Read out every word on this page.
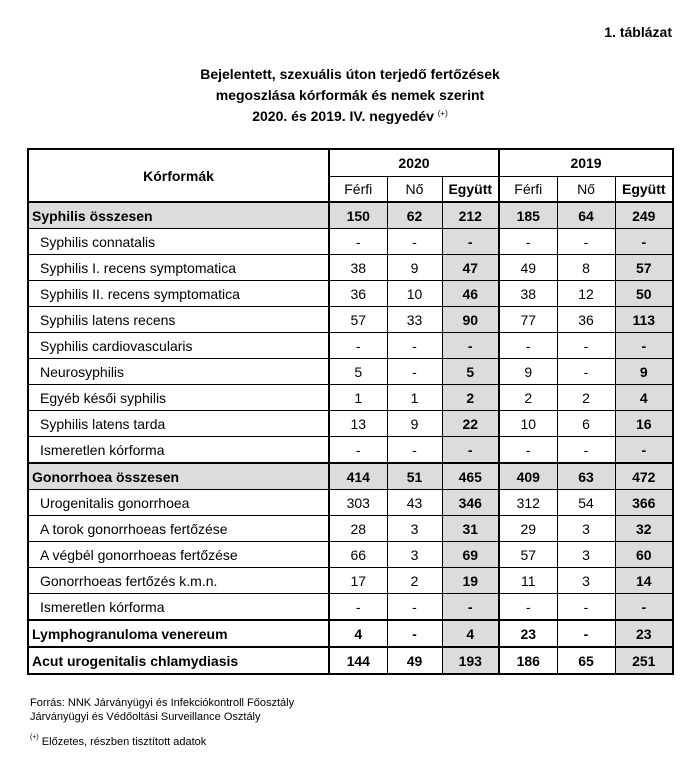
1. táblázat
Bejelentett, szexuális úton terjedő fertőzések
megoszlása kórformák és nemek szerint
2020. és 2019. IV. negyedév (+)
Kórformák	2020			2019		
	Férfi	Nő	Együtt	Férfi	Nő	Együtt
Syphilis összesen	150	62	212	185	64	249
Syphilis connatalis	-	-	-	-	-	-
Syphilis I. recens symptomatica	38	9	47	49	8	57
Syphilis II. recens symptomatica	36	10	46	38	12	50
Syphilis latens recens	57	33	90	77	36	113
Syphilis cardiovascularis	-	-	-	-	-	-
Neurosyphilis	5	-	5	9	-	9
Egyéb késői syphilis	1	1	2	2	2	4
Syphilis latens tarda	13	9	22	10	6	16
Ismeretlen kórforma	-	-	-	-	-	-
Gonorrhoea összesen	414	51	465	409	63	472
Urogenitalis gonorrhoea	303	43	346	312	54	366
A torok gonorrhoeas fertőzése	28	3	31	29	3	32
A végbél gonorrhoeas fertőzése	66	3	69	57	3	60
Gonorrhoeas fertőzés k.m.n.	17	2	19	11	3	14
Ismeretlen kórforma	-	-	-	-	-	-
Lymphogranuloma venereum	4	-	4	23	-	23
Acut urogenitalis chlamydiasis	144	49	193	186	65	251
Forrás: NNK Járványügyi és Infekciókontroll Főosztály
Járványügyi és Védőoltási Surveillance Osztály
(+) Előzetes, részben tisztított adatok
